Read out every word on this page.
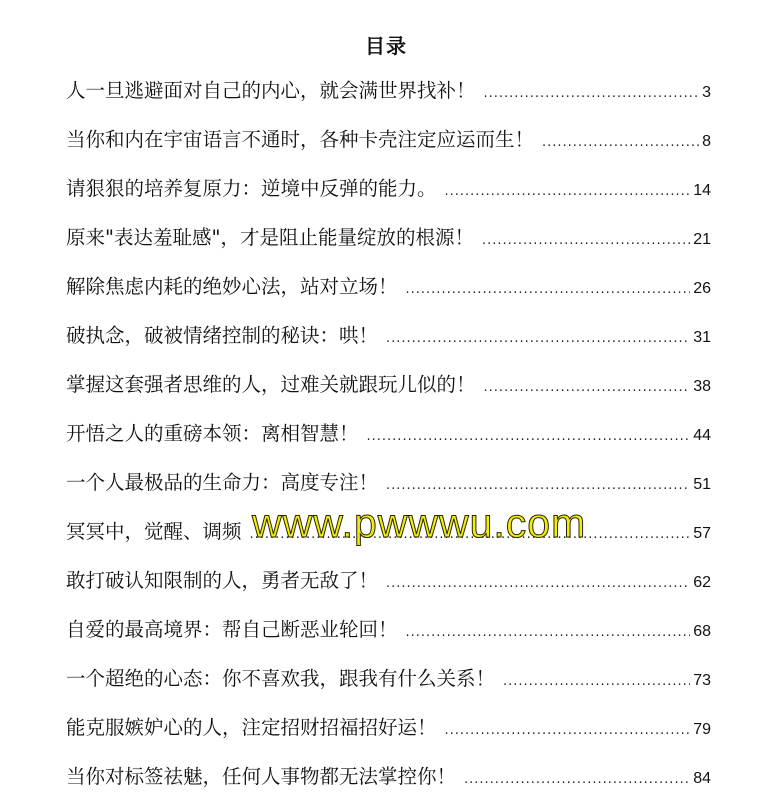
目录
人一旦逃避面对自己的内心，就会满世界找补！ .....	3
当你和内在宇宙语言不通时，各种卡壳注定应运而生！ .....	8
请狠狠的培养复原力：逆境中反弹的能力。 .....	14
原来"表达羞耻感"，才是阻止能量绽放的根源！ .....	21
解除焦虑内耗的绝妙心法，站对立场！ .....	26
破执念，破被情绪控制的秘诀：哄！ .....	31
掌握这套强者思维的人，过难关就跟玩儿似的！ .....	38
开悟之人的重磅本领：离相智慧！ .....	44
一个人最极品的生命力：高度专注！ .....	51
冥冥中，觉醒、调频 .....	57
敢打破认知限制的人，勇者无敌了！ .....	62
自爱的最高境界：帮自己断恶业轮回！ .....	68
一个超绝的心态：你不喜欢我，跟我有什么关系！ .....	73
能克服嫉妒心的人，注定招财招福招好运！ .....	79
当你对标签祛魅，任何人事物都无法掌控你！ .....	84
www.pwwwu.com
